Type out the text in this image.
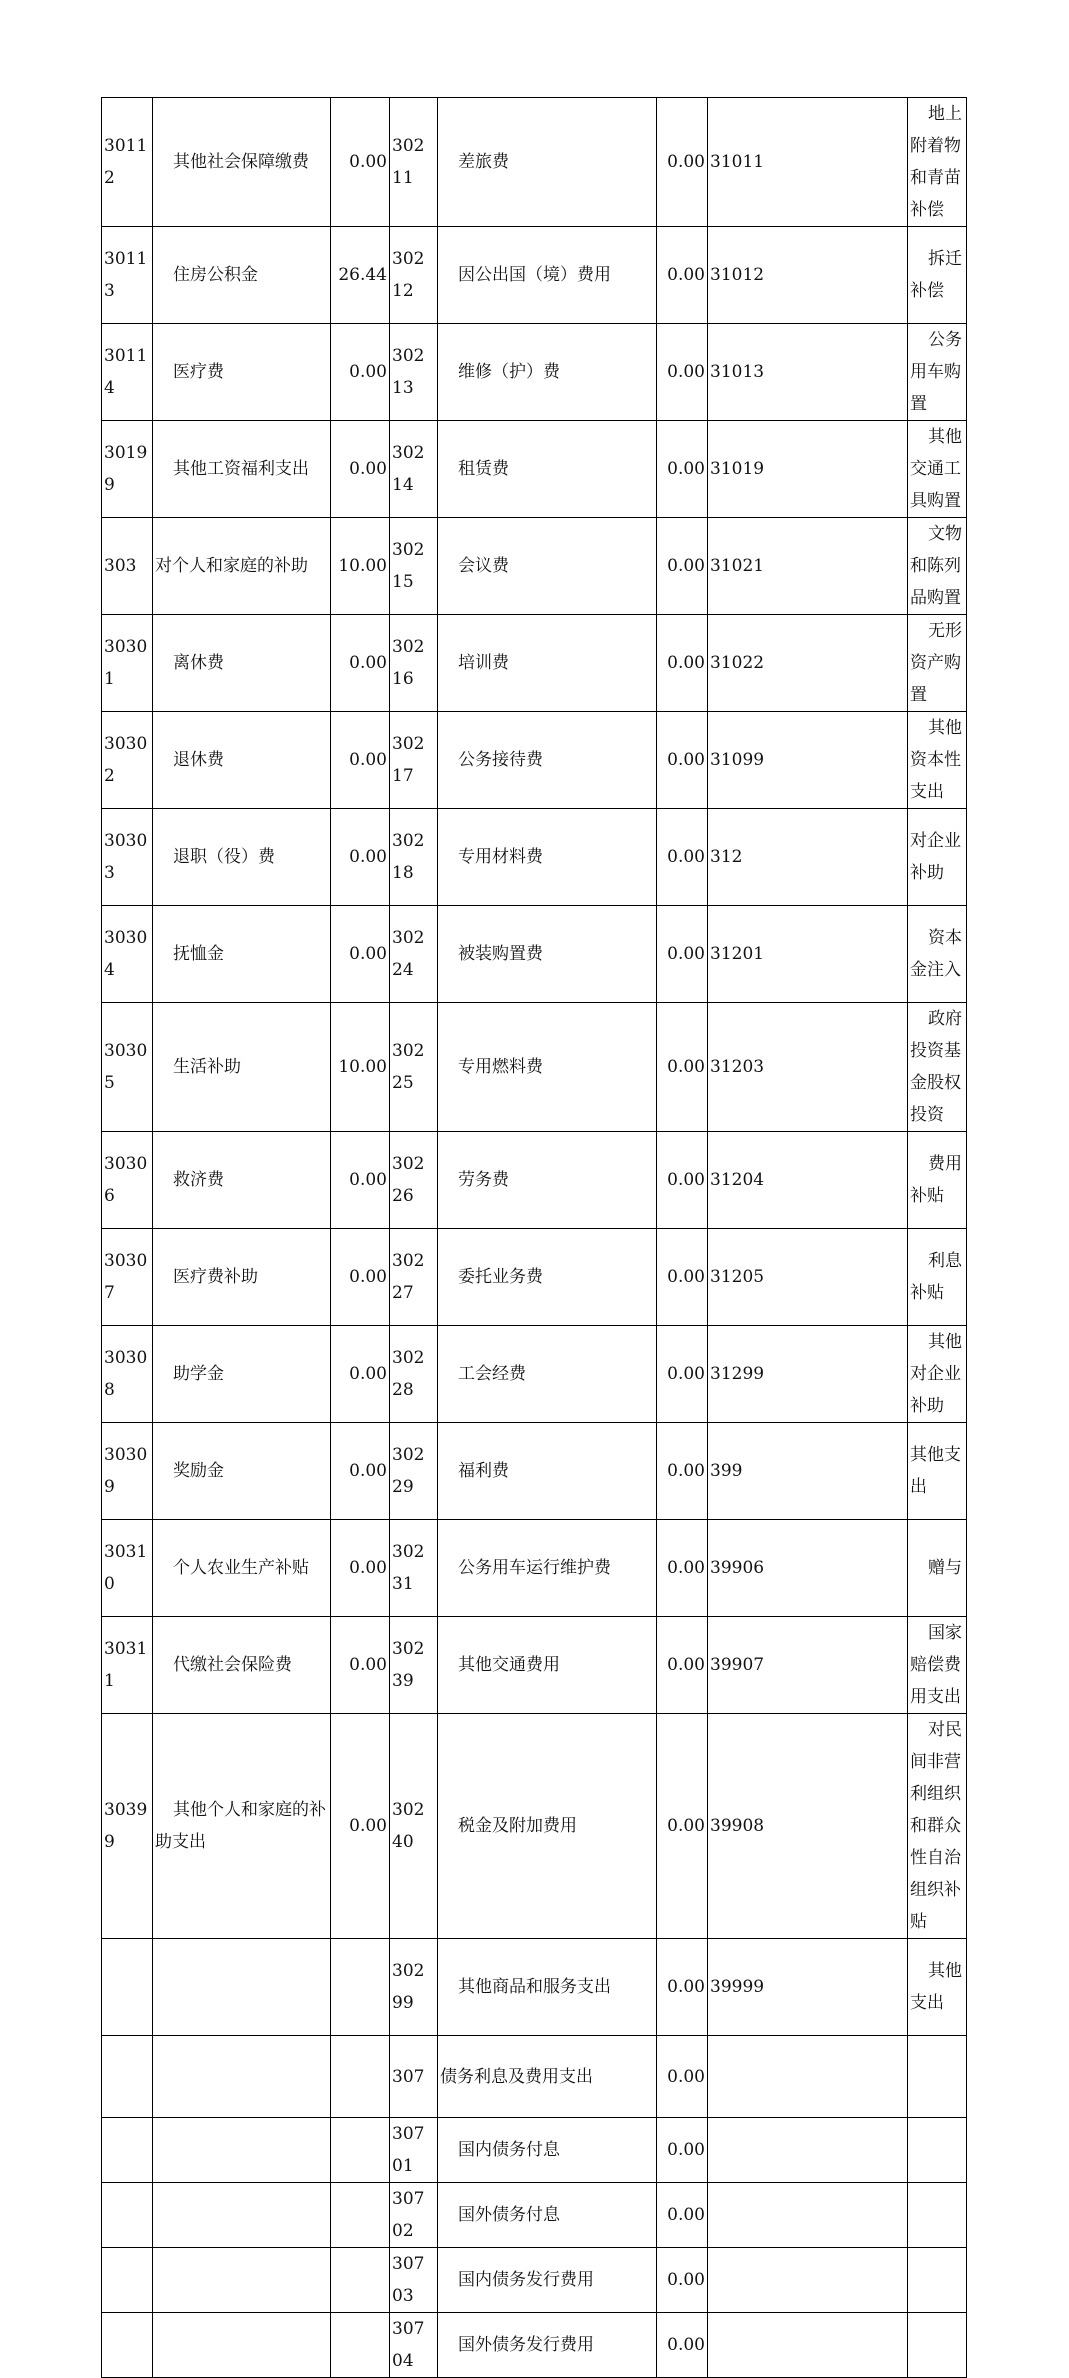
30112	其他社会保障缴费	0.00	30211	差旅费	0.00	31011	地上附着物和青苗补偿	
30113	住房公积金	26.44	30212	因公出国（境）费用	0.00	31012	拆迁补偿	
30114	医疗费	0.00	30213	维修（护）费	0.00	31013	公务用车购置	
30199	其他工资福利支出	0.00	30214	租赁费	0.00	31019	其他交通工具购置	
303	对个人和家庭的补助	10.00	30215	会议费	0.00	31021	文物和陈列品购置	
30301	离休费	0.00	30216	培训费	0.00	31022	无形资产购置	
30302	退休费	0.00	30217	公务接待费	0.00	31099	其他资本性支出	
30303	退职（役）费	0.00	30218	专用材料费	0.00	312	对企业补助	
30304	抚恤金	0.00	30224	被装购置费	0.00	31201	资本金注入	
30305	生活补助	10.00	30225	专用燃料费	0.00	31203	政府投资基金股权投资	
30306	救济费	0.00	30226	劳务费	0.00	31204	费用补贴	
30307	医疗费补助	0.00	30227	委托业务费	0.00	31205	利息补贴	
30308	助学金	0.00	30228	工会经费	0.00	31299	其他对企业补助	
30309	奖励金	0.00	30229	福利费	0.00	399	其他支出	
30310	个人农业生产补贴	0.00	30231	公务用车运行维护费	0.00	39906	赠与	
30311	代缴社会保险费	0.00	30239	其他交通费用	0.00	39907	国家赔偿费用支出	
30399	其他个人和家庭的补助支出	0.00	30240	税金及附加费用	0.00	39908	对民间非营利组织和群众性自治组织补贴	
			30299	其他商品和服务支出	0.00	39999	其他支出	
			307	债务利息及费用支出	0.00			
			30701	国内债务付息	0.00			
			30702	国外债务付息	0.00			
			30703	国内债务发行费用	0.00			
			30704	国外债务发行费用	0.00			
